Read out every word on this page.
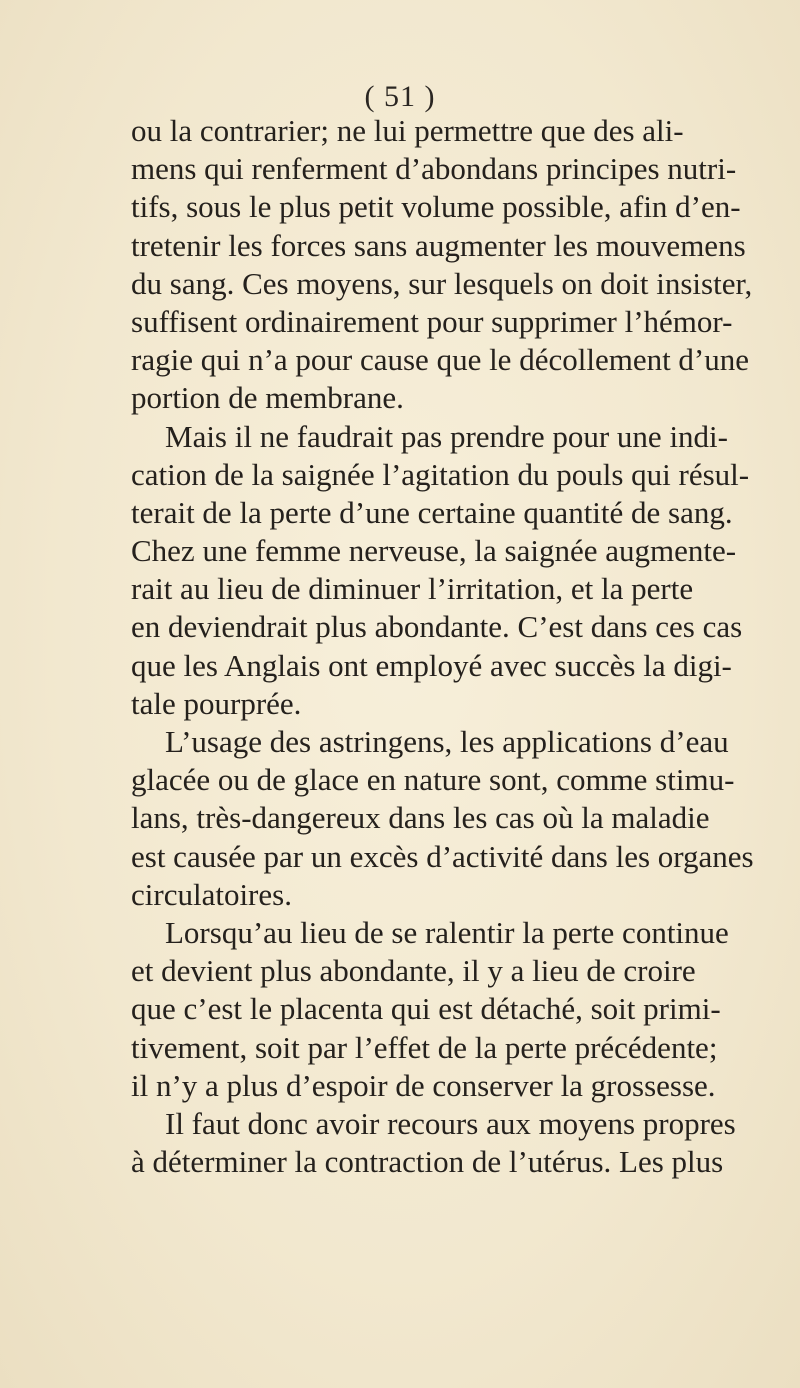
( 51 )
ou la contrarier; ne lui permettre que des ali-
mens qui renferment d’abondans principes nutri-
tifs, sous le plus petit volume possible, afin d’en-
tretenir les forces sans augmenter les mouvemens
du sang. Ces moyens, sur lesquels on doit insister,
suffisent ordinairement pour supprimer l’hémor-
ragie qui n’a pour cause que le décollement d’une
portion de membrane.
Mais il ne faudrait pas prendre pour une indi-
cation de la saignée l’agitation du pouls qui résul-
terait de la perte d’une certaine quantité de sang.
Chez une femme nerveuse, la saignée augmente-
rait au lieu de diminuer l’irritation, et la perte
en deviendrait plus abondante. C’est dans ces cas
que les Anglais ont employé avec succès la digi-
tale pourprée.
L’usage des astringens, les applications d’eau
glacée ou de glace en nature sont, comme stimu-
lans, très-dangereux dans les cas où la maladie
est causée par un excès d’activité dans les organes
circulatoires.
Lorsqu’au lieu de se ralentir la perte continue
et devient plus abondante, il y a lieu de croire
que c’est le placenta qui est détaché, soit primi-
tivement, soit par l’effet de la perte précédente;
il n’y a plus d’espoir de conserver la grossesse.
Il faut donc avoir recours aux moyens propres
à déterminer la contraction de l’utérus. Les plus
